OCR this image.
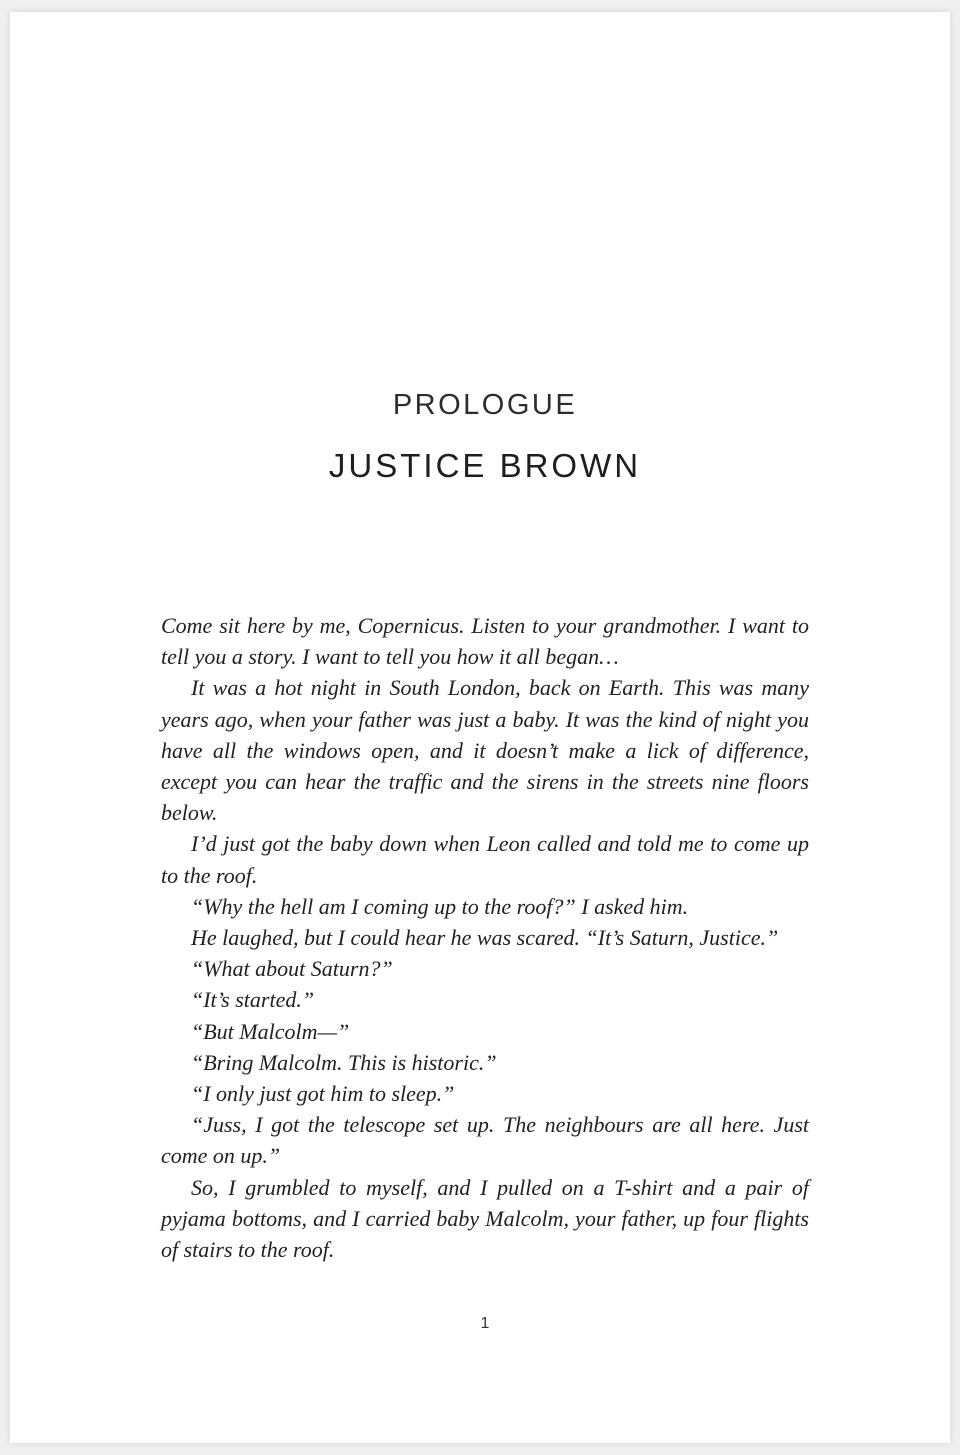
PROLOGUE
JUSTICE BROWN

Come sit here by me, Copernicus. Listen to your grandmother. I want to tell you a story. I want to tell you how it all began…

It was a hot night in South London, back on Earth. This was many years ago, when your father was just a baby. It was the kind of night you have all the windows open, and it doesn’t make a lick of difference, except you can hear the traffic and the sirens in the streets nine floors below.

I’d just got the baby down when Leon called and told me to come up to the roof.

“Why the hell am I coming up to the roof?” I asked him.

He laughed, but I could hear he was scared. “It’s Saturn, Justice.”

“What about Saturn?”

“It’s started.”

“But Malcolm—”

“Bring Malcolm. This is historic.”

“I only just got him to sleep.”

“Juss, I got the telescope set up. The neighbours are all here. Just come on up.”

So, I grumbled to myself, and I pulled on a T-shirt and a pair of pyjama bottoms, and I carried baby Malcolm, your father, up four flights of stairs to the roof.

1
